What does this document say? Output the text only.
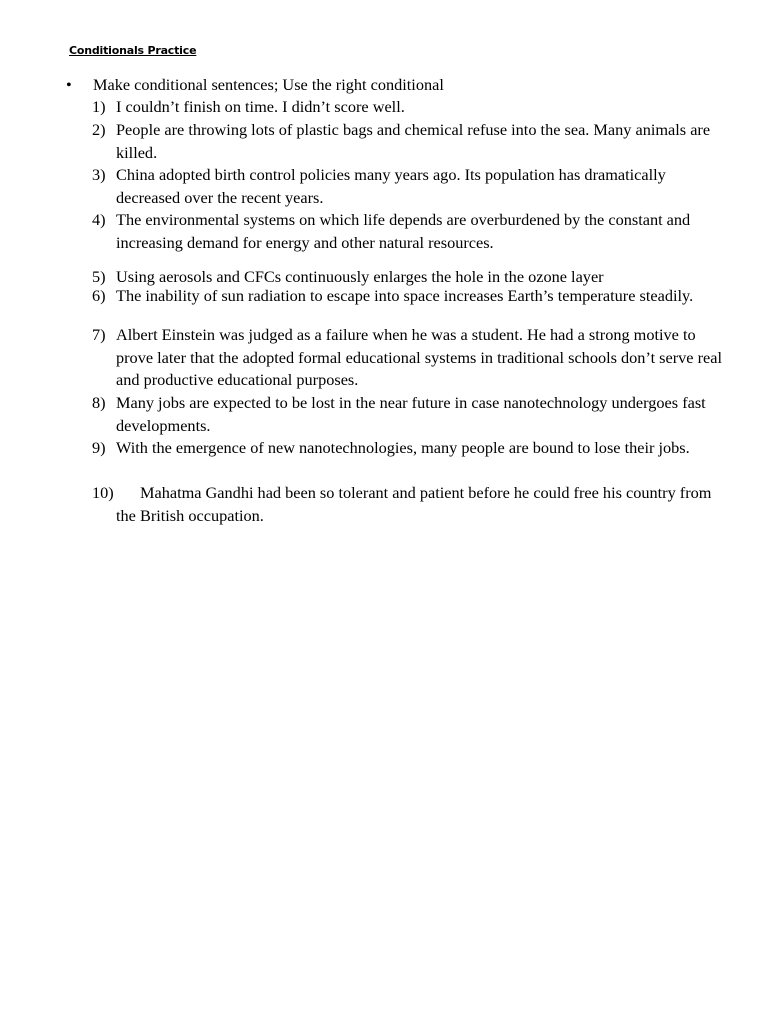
Conditionals Practice
•	Make conditional sentences; Use the right conditional
1) I couldn’t finish on time. I didn’t score well.
2) People are throwing lots of plastic bags and chemical refuse into the sea. Many animals are killed.
3) China adopted birth control policies many years ago. Its population has dramatically decreased over the recent years.
4) The environmental systems on which life depends are overburdened by the constant and increasing demand for energy and other natural resources.
5) Using aerosols and CFCs continuously enlarges the hole in the ozone layer
6) The inability of sun radiation to escape into space increases Earth’s temperature steadily.
7) Albert Einstein was judged as a failure when he was a student. He had a strong motive to prove later that the adopted formal educational systems in traditional schools don’t serve real and productive educational purposes.
8) Many jobs are expected to be lost in the near future in case nanotechnology undergoes fast developments.
9) With the emergence of new nanotechnologies, many people are bound to lose their jobs.
10)	Mahatma Gandhi had been so tolerant and patient before he could free his country from the British occupation.
